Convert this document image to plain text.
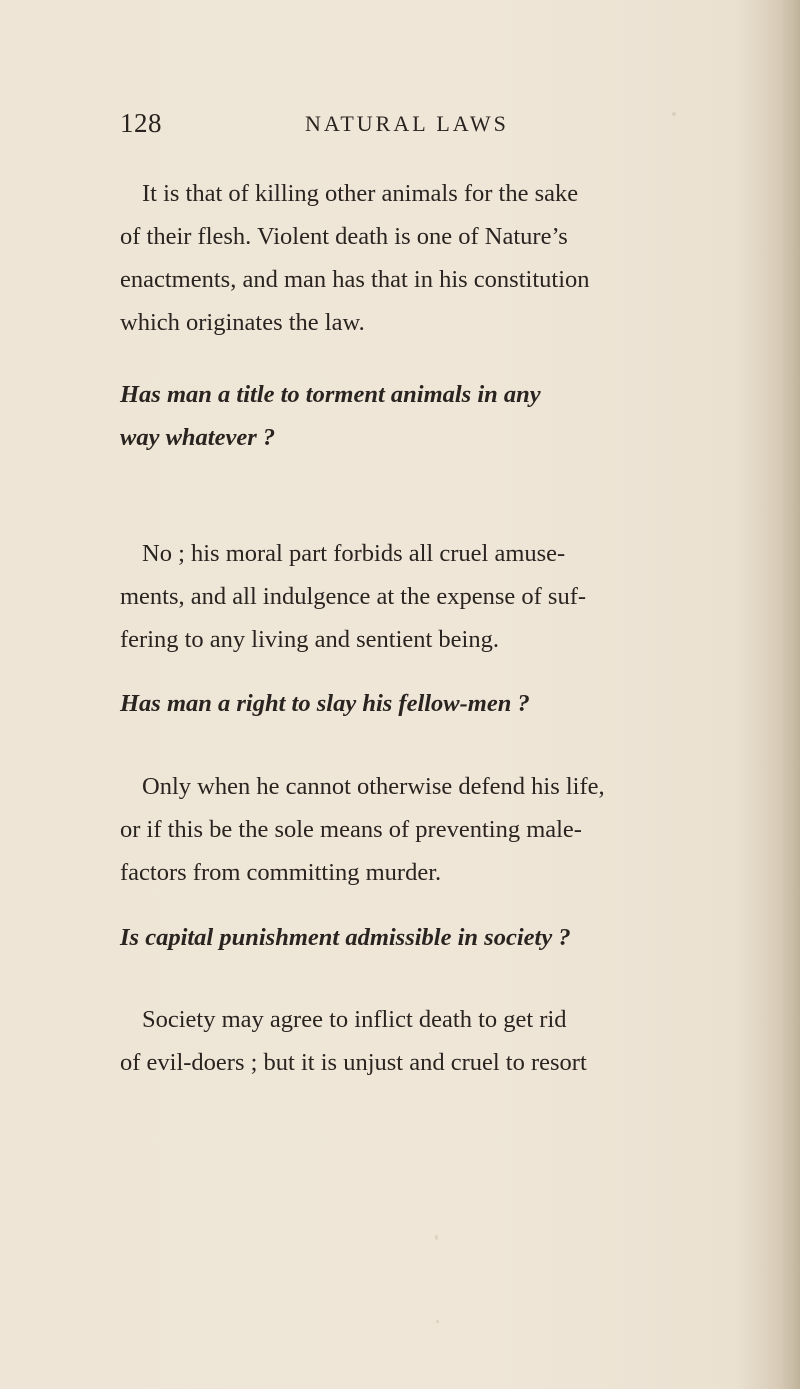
128	NATURAL LAWS

It is that of killing other animals for the sake
of their flesh. Violent death is one of Nature’s
enactments, and man has that in his constitution
which originates the law.

Has man a title to torment animals in any
way whatever ?

No ; his moral part forbids all cruel amuse-
ments, and all indulgence at the expense of suf-
fering to any living and sentient being.

Has man a right to slay his fellow-men ?

Only when he cannot otherwise defend his life,
or if this be the sole means of preventing male-
factors from committing murder.

Is capital punishment admissible in society ?

Society may agree to inflict death to get rid
of evil-doers ; but it is unjust and cruel to resort
